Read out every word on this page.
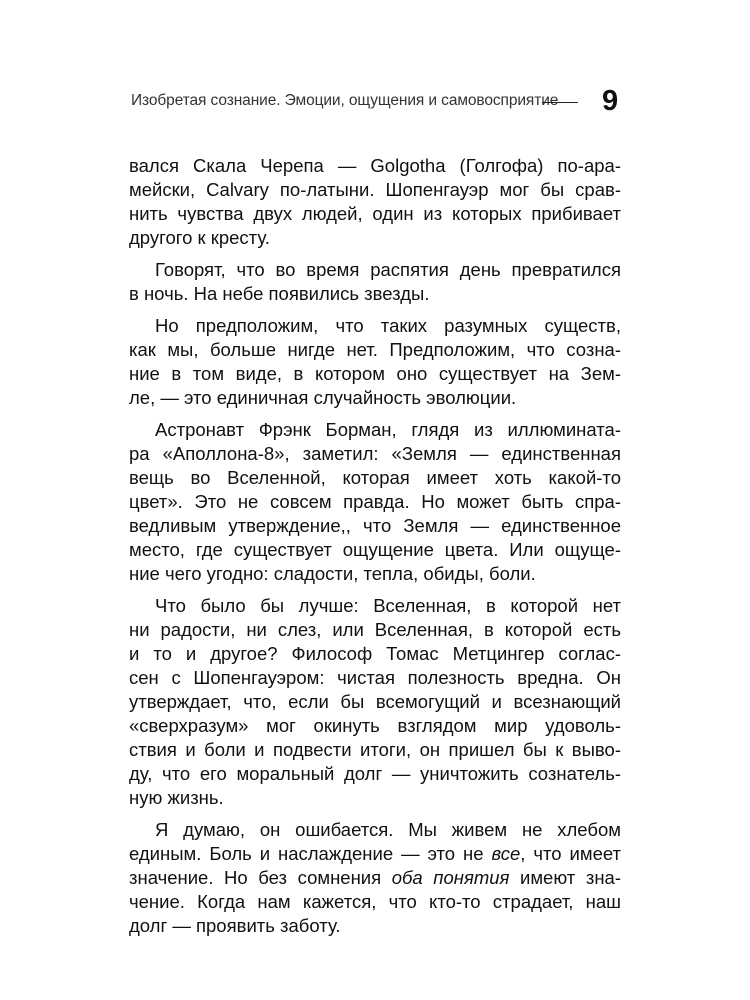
Изобретая сознание. Эмоции, ощущения и самовосприятие 9

вался Скала Черепа — Golgotha (Голгофа) по-ара-
мейски, Calvary по-латыни. Шопенгауэр мог бы срав-
нить чувства двух людей, один из которых прибивает
другого к кресту.

Говорят, что во время распятия день превратился
в ночь. На небе появились звезды.

Но предположим, что таких разумных существ,
как мы, больше нигде нет. Предположим, что созна-
ние в том виде, в котором оно существует на Зем-
ле, — это единичная случайность эволюции.

Астронавт Фрэнк Борман, глядя из иллюмината-
ра «Аполлона-8», заметил: «Земля — единственная
вещь во Вселенной, которая имеет хоть какой-то
цвет». Это не совсем правда. Но может быть спра-
ведливым утверждение,, что Земля — единственное
место, где существует ощущение цвета. Или ощуще-
ние чего угодно: сладости, тепла, обиды, боли.

Что было бы лучше: Вселенная, в которой нет
ни радости, ни слез, или Вселенная, в которой есть
и то и другое? Философ Томас Метцингер соглас-
сен с Шопенгауэром: чистая полезность вредна. Он
утверждает, что, если бы всемогущий и всезнающий
«сверхразум» мог окинуть взглядом мир удоволь-
ствия и боли и подвести итоги, он пришел бы к выво-
ду, что его моральный долг — уничтожить сознатель-
ную жизнь.

Я думаю, он ошибается. Мы живем не хлебом
единым. Боль и наслаждение — это не все, что имеет
значение. Но без сомнения оба понятия имеют зна-
чение. Когда нам кажется, что кто-то страдает, наш
долг — проявить заботу.
